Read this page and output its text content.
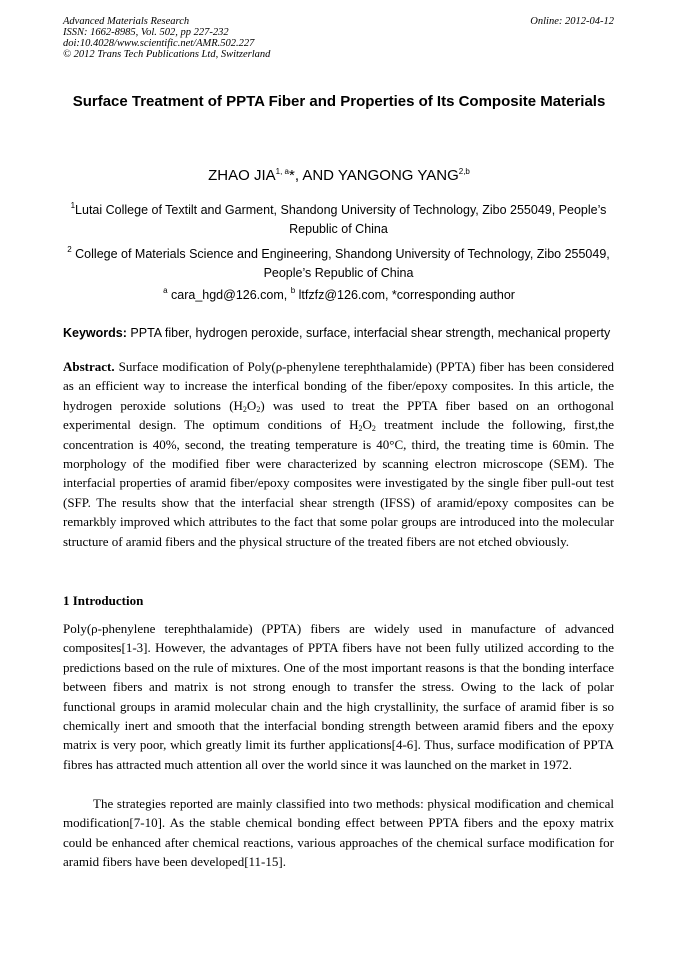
Advanced Materials Research
ISSN: 1662-8985, Vol. 502, pp 227-232
doi:10.4028/www.scientific.net/AMR.502.227
© 2012 Trans Tech Publications Ltd, Switzerland
Online: 2012-04-12
Surface Treatment of PPTA Fiber and Properties of Its Composite Materials
ZHAO JIA$^{1, a}$*, AND YANGONG YANG$^{2,b}$
$^1$Lutai College of Textilt and Garment, Shandong University of Technology, Zibo 255049, People’s Republic of China
$^2$ College of Materials Science and Engineering, Shandong University of Technology, Zibo 255049, People’s Republic of China
$^a$ cara_hgd@126.com, $^b$ ltfzfz@126.com, *corresponding author
Keywords: PPTA fiber, hydrogen peroxide, surface, interfacial shear strength, mechanical property
Abstract. Surface modification of Poly(ρ-phenylene terephthalamide) (PPTA) fiber has been considered as an efficient way to increase the interfical bonding of the fiber/epoxy composites. In this article, the hydrogen peroxide solutions $(H_2O_2)$ was used to treat the PPTA fiber based on an orthogonal experimental design. The optimum conditions of $H_2O_2$ treatment include the following, first,the concentration is 40%, second, the treating temperature is 40°C, third, the treating time is 60min. The morphology of the modified fiber were characterized by scanning electron microscope (SEM). The interfacial properties of aramid fiber/epoxy composites were investigated by the single fiber pull-out test (SFP. The results show that the interfacial shear strength (IFSS) of aramid/epoxy composites can be remarkbly improved which attributes to the fact that some polar groups are introduced into the molecular structure of aramid fibers and the physical structure of the treated fibers are not etched obviously.
1 Introduction
Poly(ρ-phenylene terephthalamide) (PPTA) fibers are widely used in manufacture of advanced composites[1-3]. However, the advantages of PPTA fibers have not been fully utilized according to the predictions based on the rule of mixtures. One of the most important reasons is that the bonding interface between fibers and matrix is not strong enough to transfer the stress. Owing to the lack of polar functional groups in aramid molecular chain and the high crystallinity, the surface of aramid fiber is so chemically inert and smooth that the interfacial bonding strength between aramid fibers and the epoxy matrix is very poor, which greatly limit its further applications[4-6]. Thus, surface modification of PPTA fibres has attracted much attention all over the world since it was launched on the market in 1972.
The strategies reported are mainly classified into two methods: physical modification and chemical modification[7-10]. As the stable chemical bonding effect between PPTA fibers and the epoxy matrix could be enhanced after chemical reactions, various approaches of the chemical surface modification for aramid fibers have been developed[11-15].
